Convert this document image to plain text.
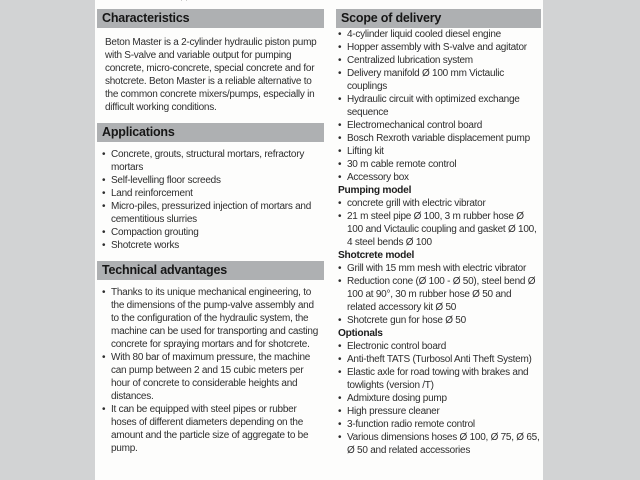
Characteristics

Beton Master is a 2-cylinder hydraulic piston pump with S-valve and variable output for pumping concrete, micro-concrete, special concrete and for shotcrete. Beton Master is a reliable alternative to the common concrete mixers/pumps, especially in difficult working conditions.

Applications
• Concrete, grouts, structural mortars, refractory mortars
• Self-levelling floor screeds
• Land reinforcement
• Micro-piles, pressurized injection of mortars and cementitious slurries
• Compaction grouting
• Shotcrete works
Technical advantages
• Thanks to its unique mechanical engineering, to the dimensions of the pump-valve assembly and to the configuration of the hydraulic system, the machine can be used for transporting and casting concrete for spraying mortars and for shotcrete.
• With 80 bar of maximum pressure, the machine can pump between 2 and 15 cubic meters per hour of concrete to considerable heights and distances.
• It can be equipped with steel pipes or rubber hoses of different diameters depending on the amount and the particle size of aggregate to be pump.
Scope of delivery
• 4-cylinder liquid cooled diesel engine
• Hopper assembly with S-valve and agitator
• Centralized lubrication system
• Delivery manifold Ø 100 mm Victaulic couplings
• Hydraulic circuit with optimized exchange sequence
• Electromechanical control board
• Bosch Rexroth variable displacement pump
• Lifting kit
• 30 m cable remote control
• Accessory box
Pumping model
• concrete grill with electric vibrator
• 21 m steel pipe Ø 100, 3 m rubber hose Ø 100 and Victaulic coupling and gasket Ø 100, 4 steel bends Ø 100
Shotcrete model
• Grill with 15 mm mesh with electric vibrator
• Reduction cone (Ø 100 - Ø 50), steel bend Ø 100 at 90°, 30 m rubber hose Ø 50 and related accessory kit Ø 50
• Shotcrete gun for hose Ø 50
Optionals
• Electronic control board
• Anti-theft TATS (Turbosol Anti Theft System)
• Elastic axle for road towing with brakes and towlights (version /T)
• Admixture dosing pump
• High pressure cleaner
• 3-function radio remote control
• Various dimensions hoses Ø 100, Ø 75, Ø 65, Ø 50 and related accessories
